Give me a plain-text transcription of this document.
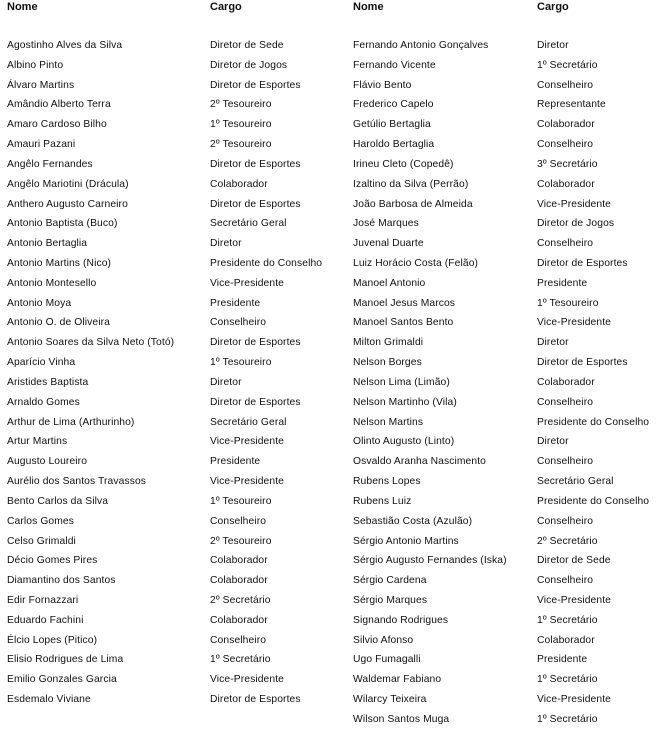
Nome	Cargo	Nome	Cargo
Agostinho Alves da Silva	Diretor de Sede
Albino Pinto	Diretor de Jogos
Álvaro Martins	Diretor de Esportes
Amândio Alberto Terra	2º Tesoureiro
Amaro Cardoso Bilho	1º Tesoureiro
Amauri Pazani	2º Tesoureiro
Angêlo Fernandes	Diretor de Esportes
Angêlo Mariotini (Drácula)	Colaborador
Anthero Augusto Carneiro	Diretor de Esportes
Antonio Baptista (Buco)	Secretário Geral
Antonio Bertaglia	Diretor
Antonio Martins (Nico)	Presidente do Conselho
Antonio Montesello	Vice-Presidente
Antonio Moya	Presidente
Antonio O. de Oliveira	Conselheiro
Antonio Soares da Silva Neto (Totó)	Diretor de Esportes
Aparício Vinha	1º Tesoureiro
Aristides Baptista	Diretor
Arnaldo Gomes	Diretor de Esportes
Arthur de Lima (Arthurinho)	Secretário Geral
Artur Martins	Vice-Presidente
Augusto Loureiro	Presidente
Aurélio dos Santos Travassos	Vice-Presidente
Bento Carlos da Silva	1º Tesoureiro
Carlos Gomes	Conselheiro
Celso Grimaldi	2º Tesoureiro
Décio Gomes Pires	Colaborador
Diamantino dos Santos	Colaborador
Edir Fornazzari	2º Secretário
Eduardo Fachini	Colaborador
Élcio Lopes (Pitico)	Conselheiro
Elisio Rodrigues de Lima	1º Secretário
Emilio Gonzales Garcia	Vice-Presidente
Esdemalo Viviane	Diretor de Esportes
Fernando Antonio Gonçalves	Diretor
Fernando Vicente	1º Secretário
Flávio Bento	Conselheiro
Frederico Capelo	Representante
Getúlio Bertaglia	Colaborador
Haroldo Bertaglia	Conselheiro
Irineu Cleto (Copedê)	3º Secretário
Izaltino da Silva (Perrão)	Colaborador
João Barbosa de Almeida	Vice-Presidente
José Marques	Diretor de Jogos
Juvenal Duarte	Conselheiro
Luiz Horácio Costa (Felão)	Diretor de Esportes
Manoel Antonio	Presidente
Manoel Jesus Marcos	1º Tesoureiro
Manoel Santos Bento	Vice-Presidente
Milton Grimaldi	Diretor
Nelson Borges	Diretor de Esportes
Nelson Lima (Limão)	Colaborador
Nelson Martinho (Vila)	Conselheiro
Nelson Martins	Presidente do Conselho
Olinto Augusto (Linto)	Diretor
Osvaldo Aranha Nascimento	Conselheiro
Rubens Lopes	Secretário Geral
Rubens Luiz	Presidente do Conselho
Sebastião Costa (Azulão)	Conselheiro
Sérgio Antonio Martins	2º Secretário
Sérgio Augusto Fernandes (Iska)	Diretor de Sede
Sérgio Cardena	Conselheiro
Sérgio Marques	Vice-Presidente
Signando Rodrigues	1º Secretário
Silvio Afonso	Colaborador
Ugo Fumagalli	Presidente
Waldemar Fabiano	1º Secretário
Wilarcy Teixeira	Vice-Presidente
Wilson Santos Muga	1º Secretário
